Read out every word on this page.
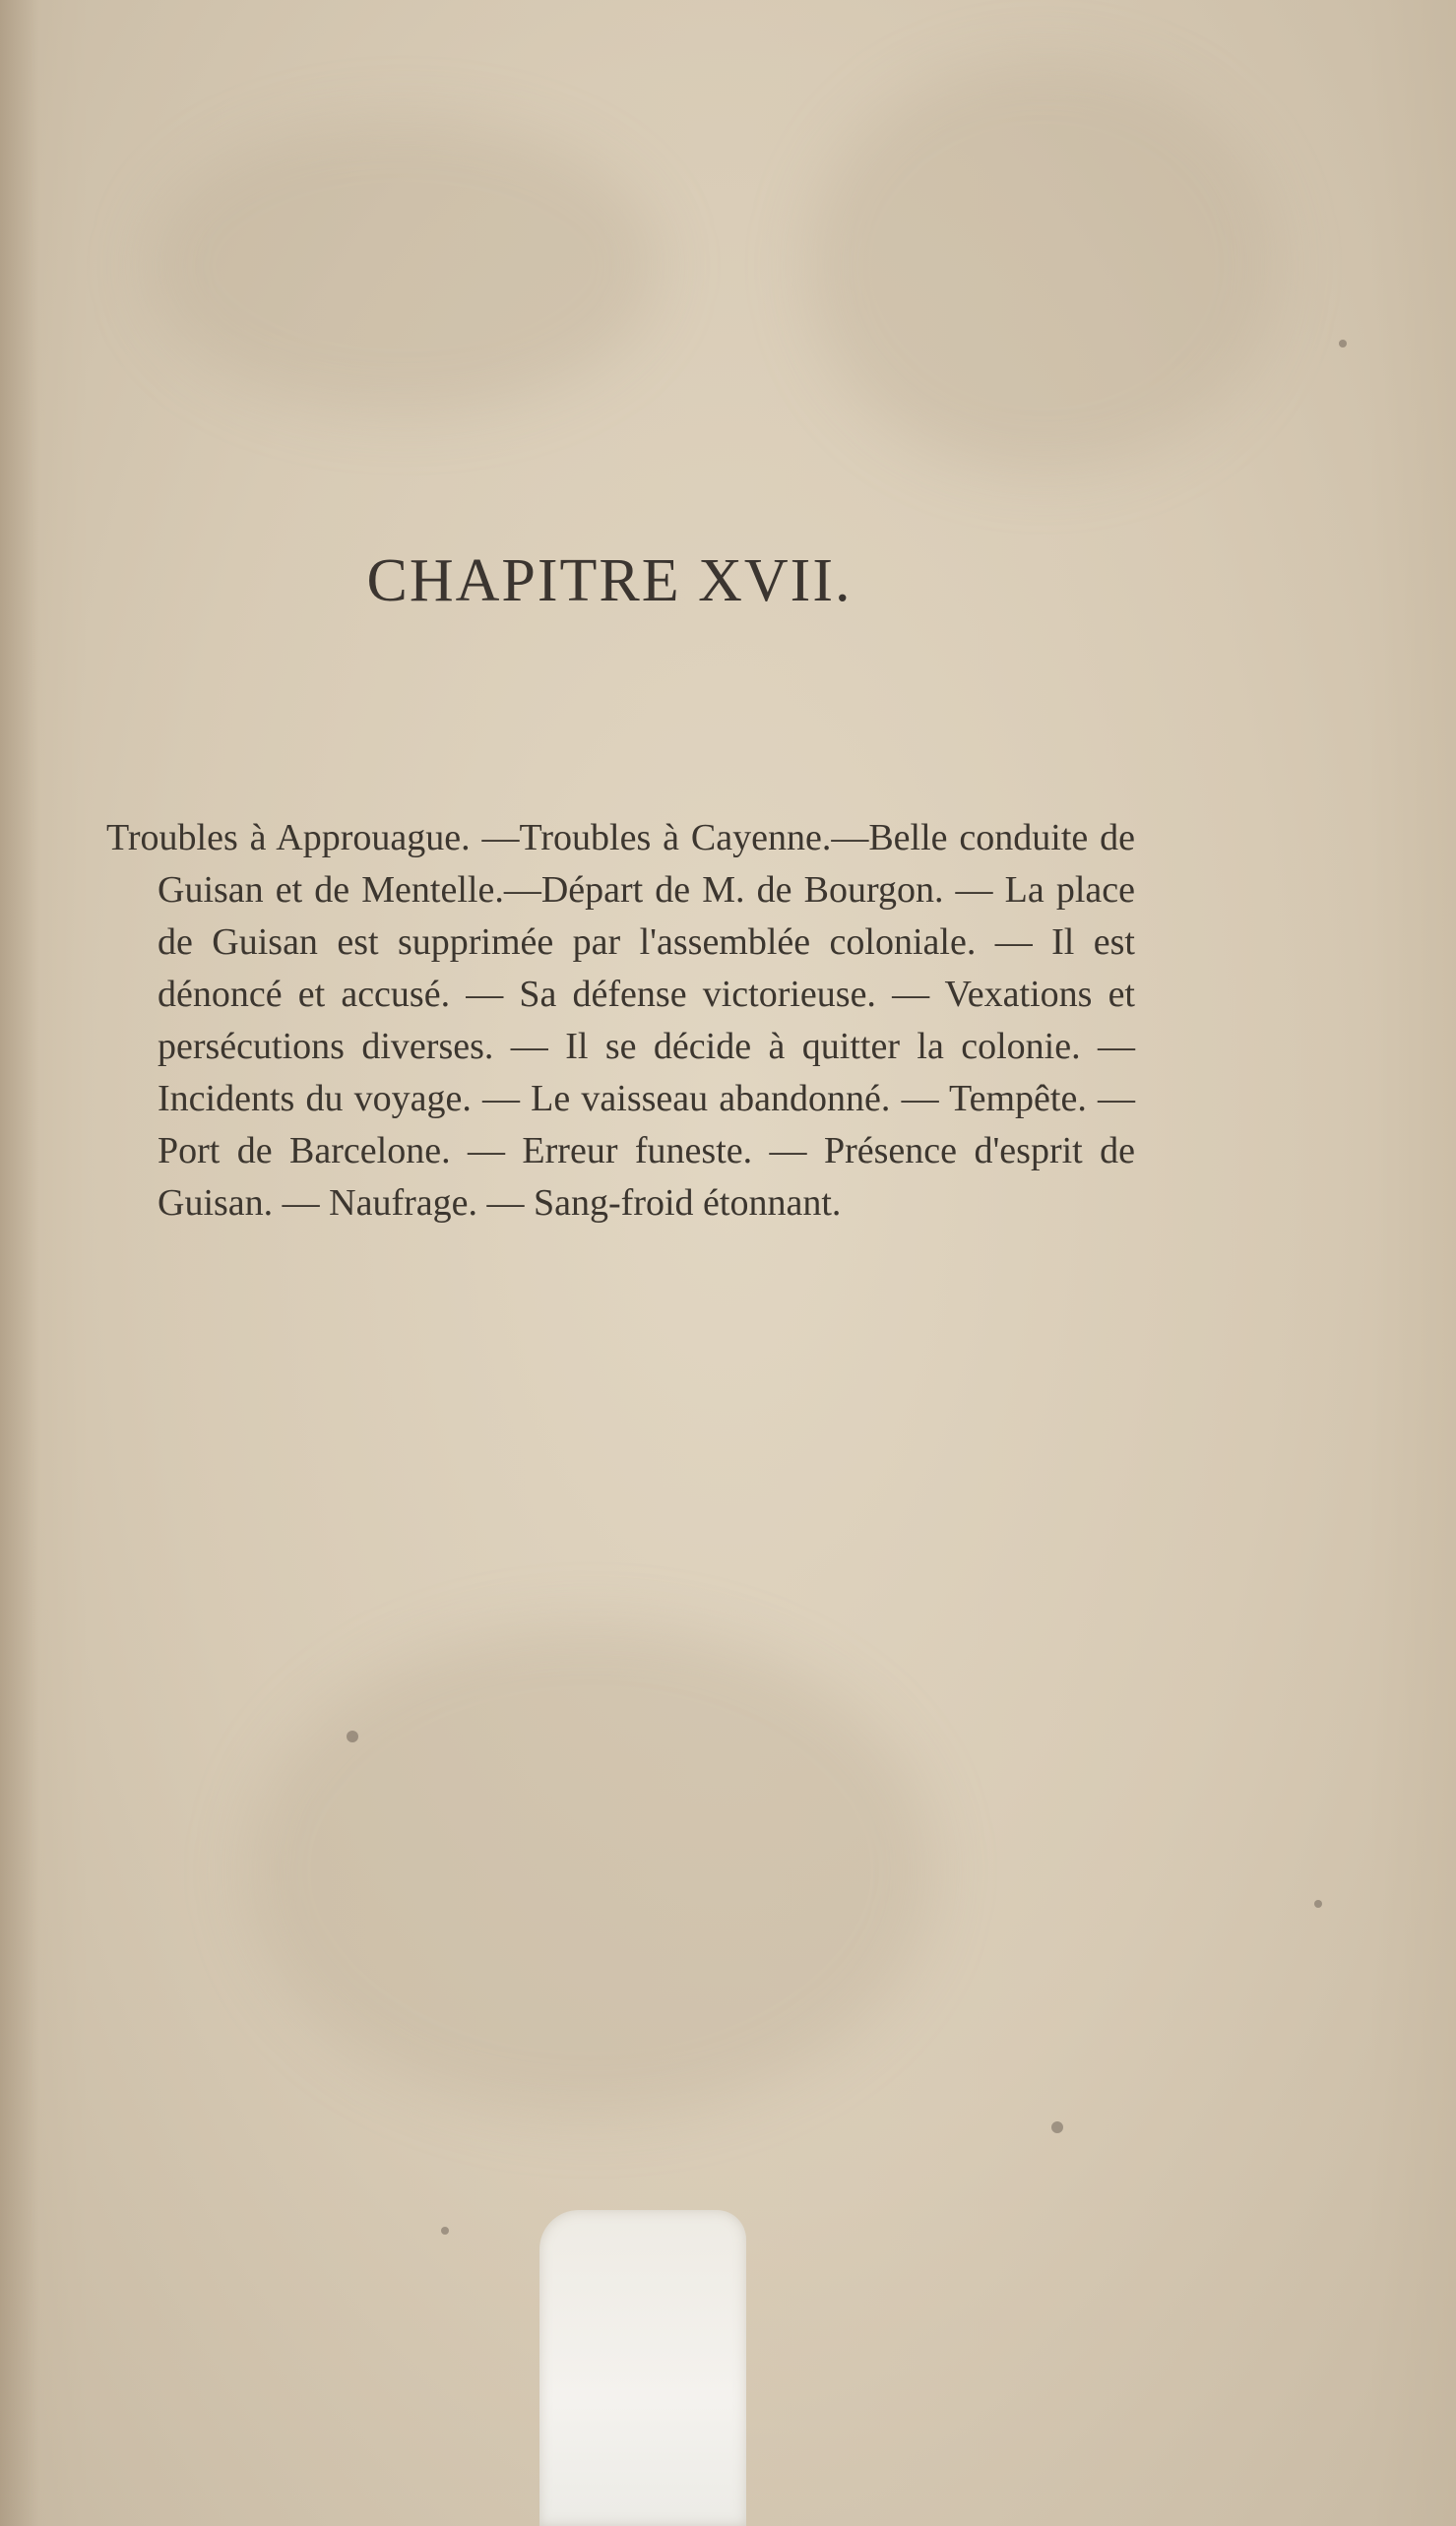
CHAPITRE XVII.

Troubles à Approuague. —Troubles à Cayenne.—Belle conduite de Guisan et de Mentelle.—Départ de M. de Bourgon. — La place de Guisan est supprimée par l'assemblée coloniale. — Il est dénoncé et accusé. — Sa défense victorieuse. — Vexations et persécutions diverses. — Il se décide à quitter la colonie. — Incidents du voyage. — Le vaisseau abandonné. — Tempête. — Port de Barcelone. — Erreur funeste. — Présence d'esprit de Guisan. — Naufrage. — Sang-froid étonnant.
